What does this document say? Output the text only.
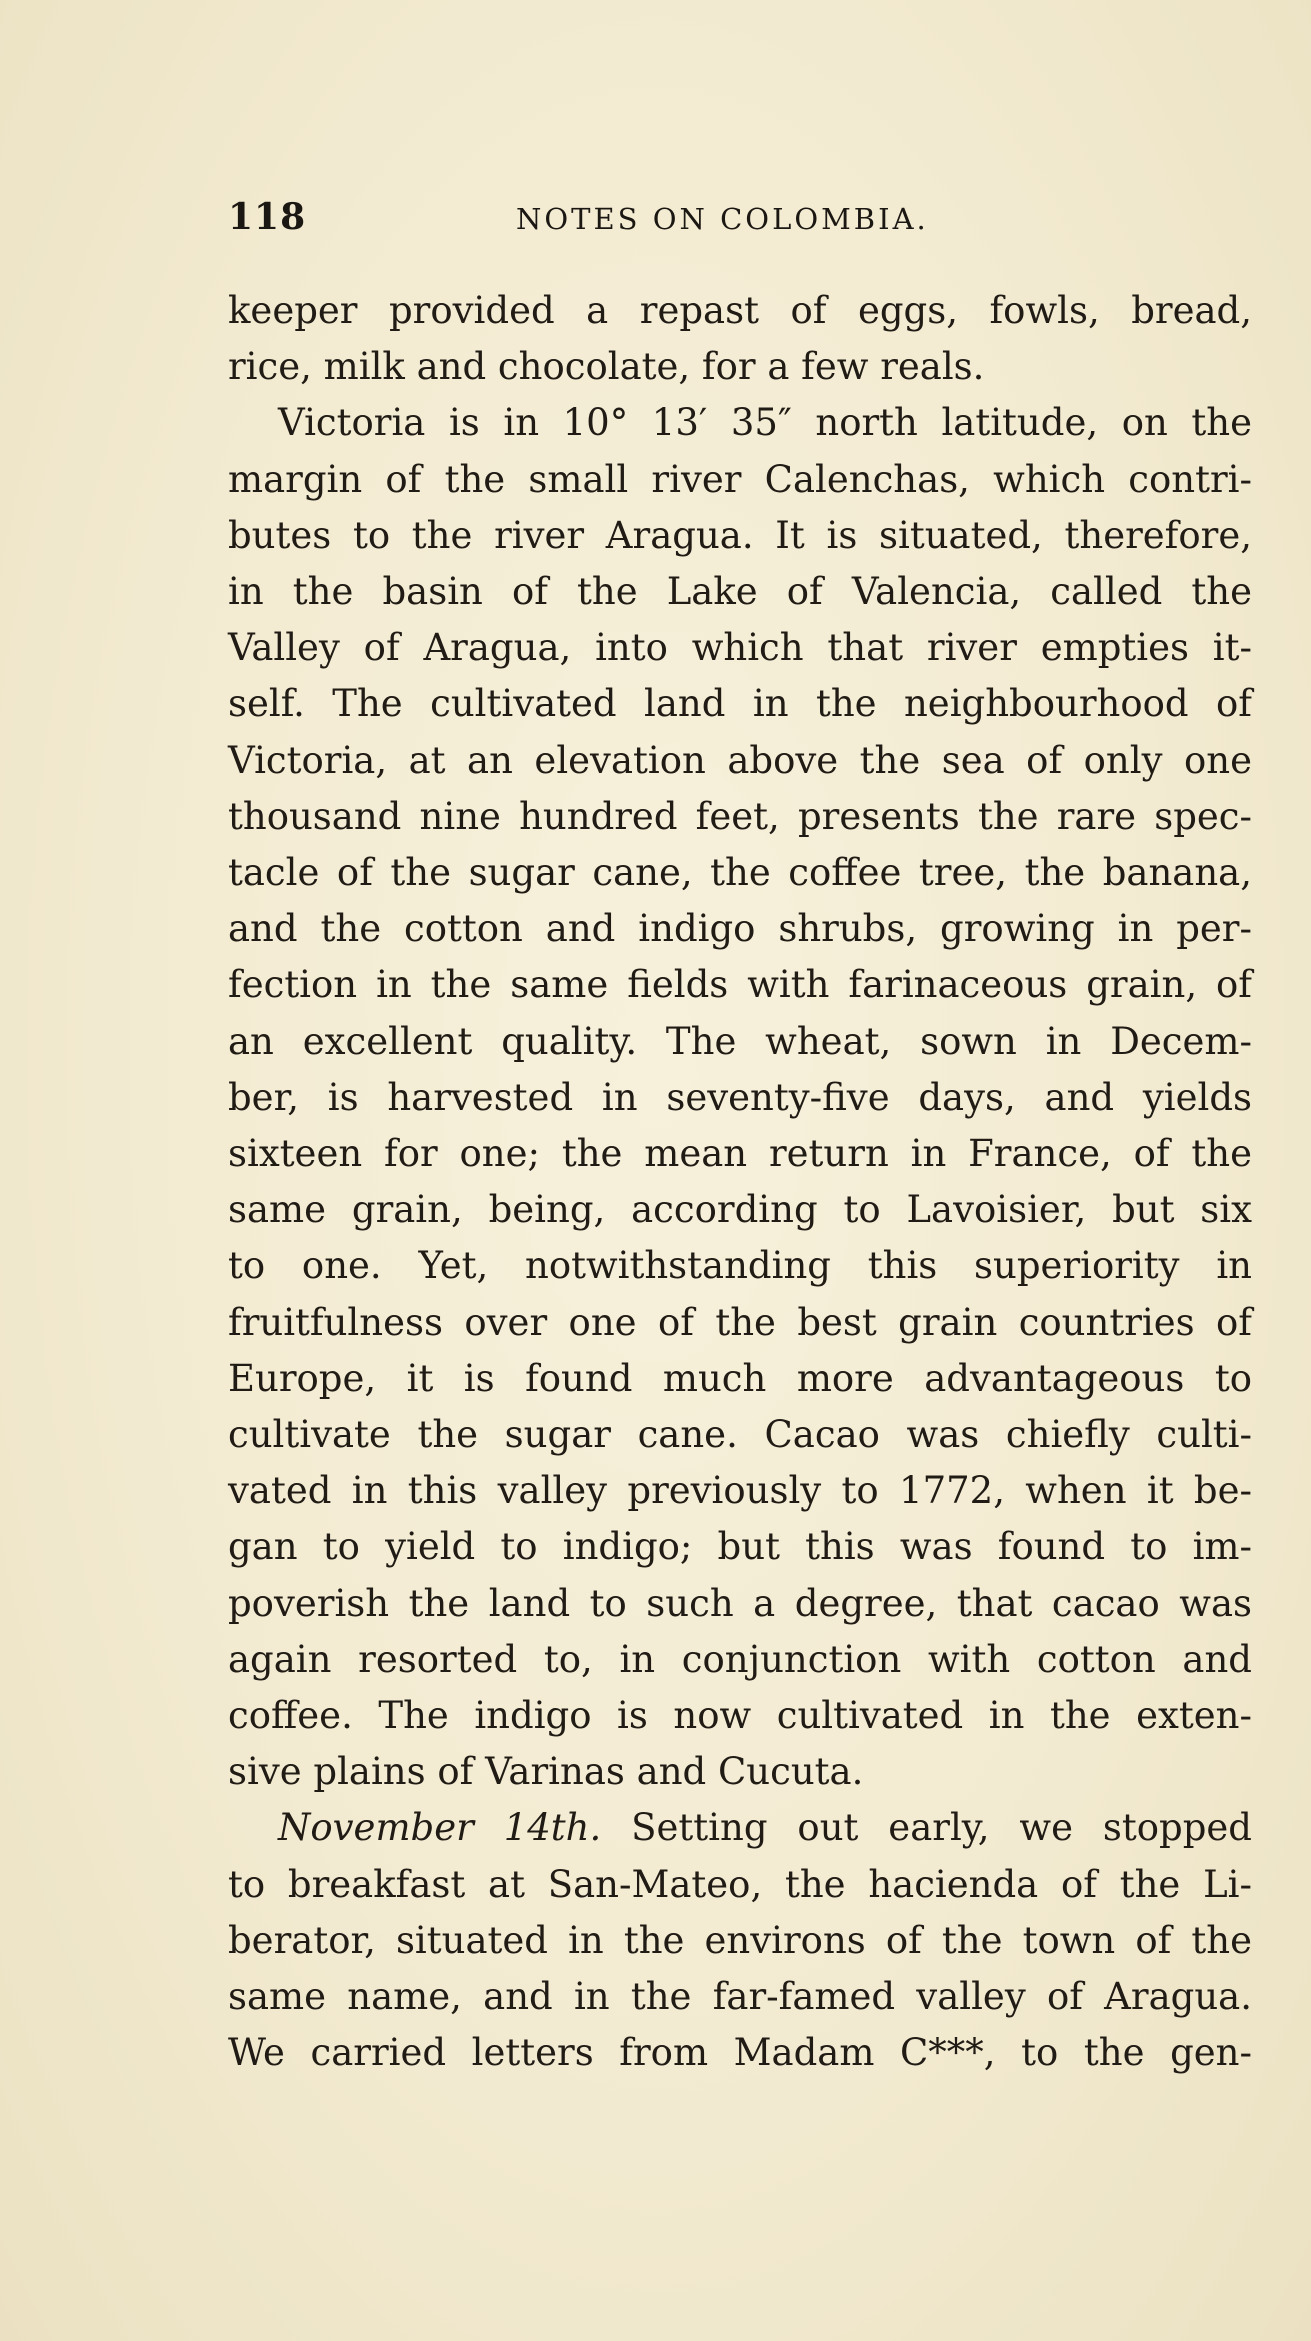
118	NOTES ON COLOMBIA.
keeper provided a repast of eggs, fowls, bread,
rice, milk and chocolate, for a few reals.
Victoria is in 10° 13′ 35″ north latitude, on the
margin of the small river Calenchas, which contri-
butes to the river Aragua. It is situated, therefore,
in the basin of the Lake of Valencia, called the
Valley of Aragua, into which that river empties it-
self. The cultivated land in the neighbourhood of
Victoria, at an elevation above the sea of only one
thousand nine hundred feet, presents the rare spec-
tacle of the sugar cane, the coffee tree, the banana,
and the cotton and indigo shrubs, growing in per-
fection in the same fields with farinaceous grain, of
an excellent quality. The wheat, sown in Decem-
ber, is harvested in seventy-five days, and yields
sixteen for one; the mean return in France, of the
same grain, being, according to Lavoisier, but six
to one. Yet, notwithstanding this superiority in
fruitfulness over one of the best grain countries of
Europe, it is found much more advantageous to
cultivate the sugar cane. Cacao was chiefly culti-
vated in this valley previously to 1772, when it be-
gan to yield to indigo; but this was found to im-
poverish the land to such a degree, that cacao was
again resorted to, in conjunction with cotton and
coffee. The indigo is now cultivated in the exten-
sive plains of Varinas and Cucuta.
November 14th. Setting out early, we stopped
to breakfast at San-Mateo, the hacienda of the Li-
berator, situated in the environs of the town of the
same name, and in the far-famed valley of Aragua.
We carried letters from Madam C***, to the gen-
